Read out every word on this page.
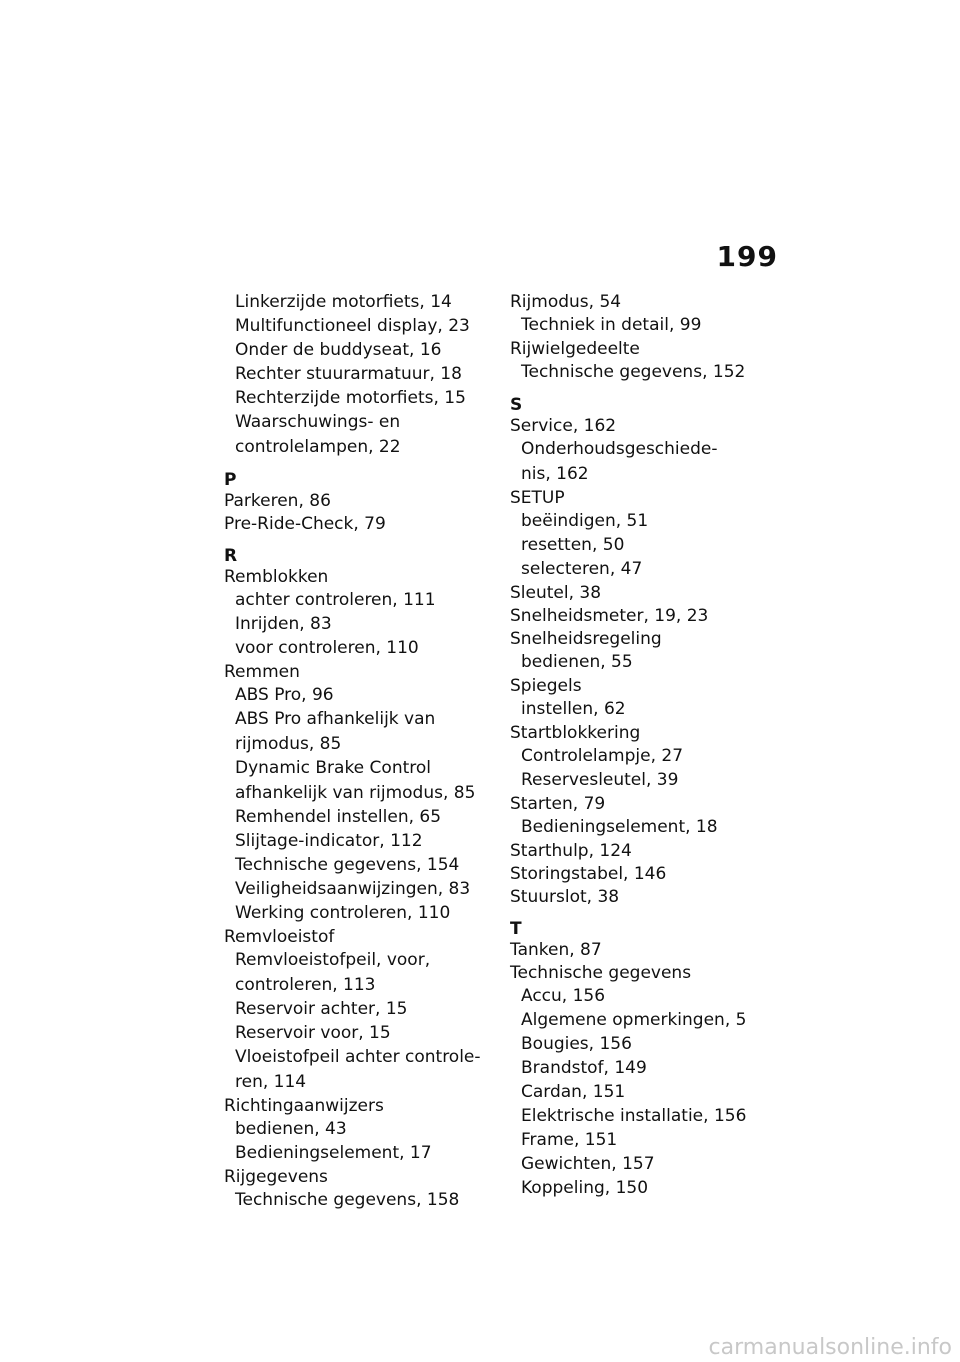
199
Linkerzijde motorfiets, 14
Multifunctioneel display, 23
Onder de buddyseat, 16
Rechter stuurarmatuur, 18
Rechterzijde motorfiets, 15
Waarschuwings- en
controlelampen, 22
P
Parkeren, 86
Pre-Ride-Check, 79
R
Remblokken
achter controleren, 111
Inrijden, 83
voor controleren, 110
Remmen
ABS Pro, 96
ABS Pro afhankelijk van
rijmodus, 85
Dynamic Brake Control
afhankelijk van rijmodus, 85
Remhendel instellen, 65
Slijtage-indicator, 112
Technische gegevens, 154
Veiligheidsaanwijzingen, 83
Werking controleren, 110
Remvloeistof
Remvloeistofpeil, voor,
controleren, 113
Reservoir achter, 15
Reservoir voor, 15
Vloeistofpeil achter controle-
ren, 114
Richtingaanwijzers
bedienen, 43
Bedieningselement, 17
Rijgegevens
Technische gegevens, 158
Rijmodus, 54
Techniek in detail, 99
Rijwielgedeelte
Technische gegevens, 152
S
Service, 162
Onderhoudsgeschiede-
nis, 162
SETUP
beëindigen, 51
resetten, 50
selecteren, 47
Sleutel, 38
Snelheidsmeter, 19, 23
Snelheidsregeling
bedienen, 55
Spiegels
instellen, 62
Startblokkering
Controlelampje, 27
Reservesleutel, 39
Starten, 79
Bedieningselement, 18
Starthulp, 124
Storingstabel, 146
Stuurslot, 38
T
Tanken, 87
Technische gegevens
Accu, 156
Algemene opmerkingen, 5
Bougies, 156
Brandstof, 149
Cardan, 151
Elektrische installatie, 156
Frame, 151
Gewichten, 157
Koppeling, 150
carmanualsonline.info
